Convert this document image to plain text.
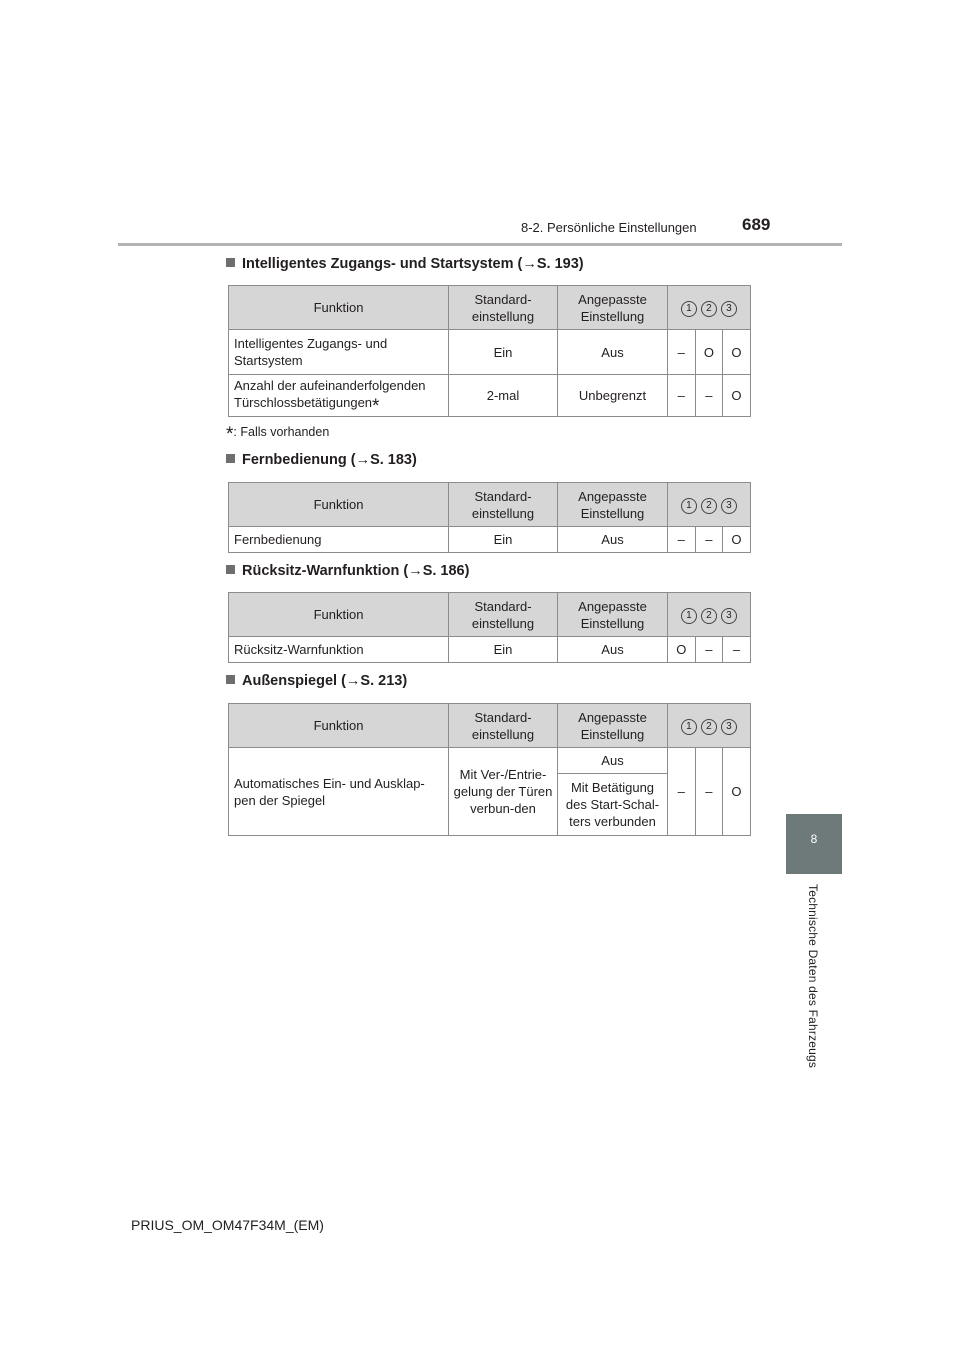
8-2. Persönliche Einstellungen	689
8
Technische Daten des Fahrzeugs
Intelligentes Zugangs- und Startsystem (→S. 193)
Funktion	Standard-einstellung	Angepasste Einstellung	1 2 3		
Intelligentes Zugangs- und Startsystem	Ein	Aus	–	O	O
Anzahl der aufeinanderfolgenden Türschlossbetätigungen*	2-mal	Unbegrenzt	–	–	O
*: Falls vorhanden
Fernbedienung (→S. 183)
Funktion	Standard-einstellung	Angepasste Einstellung	1 2 3		
Fernbedienung	Ein	Aus	–	–	O
Rücksitz-Warnfunktion (→S. 186)
Funktion	Standard-einstellung	Angepasste Einstellung	1 2 3		
Rücksitz-Warnfunktion	Ein	Aus	O	–	–
Außenspiegel (→S. 213)
Funktion	Standard-einstellung	Angepasste Einstellung	1 2 3		
Automatisches Ein- und Ausklap-pen der Spiegel	Mit Ver-/Entrie-gelung der Türen verbun-den	Aus	–	–	O
		Mit Betätigung des Start-Schal-ters verbunden			
PRIUS_OM_OM47F34M_(EM)
